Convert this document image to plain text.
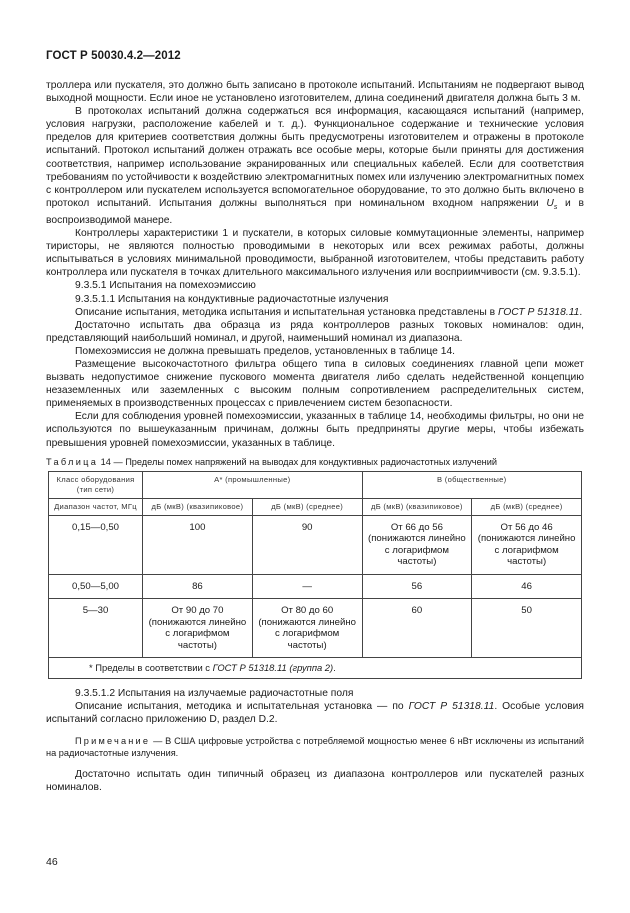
ГОСТ Р 50030.4.2—2012

троллера или пускателя, это должно быть записано в протоколе испытаний. Испытаниям не подвергают вывод выходной мощности. Если иное не установлено изготовителем, длина соединений двигателя должна быть 3 м.

В протоколах испытаний должна содержаться вся информация, касающаяся испытаний (например, условия нагрузки, расположение кабелей и т. д.). Функциональное содержание и технические условия пределов для критериев соответствия должны быть предусмотрены изготовителем и отражены в протоколе испытаний. Протокол испытаний должен отражать все особые меры, которые были приняты для достижения соответствия, например использование экранированных или специальных кабелей. Если для соответствия требованиям по устойчивости к воздействию электромагнитных помех или излучению электромагнитных помех с контроллером или пускателем используется вспомогательное оборудование, то это должно быть включено в протокол испытаний. Испытания должны выполняться при номинальном входном напряжении $U_s$ и в воспроизводимой манере.

Контроллеры характеристики 1 и пускатели, в которых силовые коммутационные элементы, например тиристоры, не являются полностью проводимыми в некоторых или всех режимах работы, должны испытываться в условиях минимальной проводимости, выбранной изготовителем, чтобы представить работу контроллера или пускателя в точках длительного максимального излучения или восприимчивости (см. 9.3.5.1).

9.3.5.1 Испытания на помехоэмиссию

9.3.5.1.1 Испытания на кондуктивные радиочастотные излучения

Описание испытания, методика испытания и испытательная установка представлены в ГОСТ Р 51318.11.

Достаточно испытать два образца из ряда контроллеров разных токовых номиналов: один, представляющий наибольший номинал, и другой, наименьший номинал из диапазона.

Помехоэмиссия не должна превышать пределов, установленных в таблице 14.

Размещение высокочастотного фильтра общего типа в силовых соединениях главной цепи может вызвать недопустимое снижение пускового момента двигателя либо сделать недейственной концепцию незаземленных или заземленных с высоким полным сопротивлением распределительных систем, применяемых в производственных процессах с привлечением систем безопасности.

Если для соблюдения уровней помехоэмиссии, указанных в таблице 14, необходимы фильтры, но они не используются по вышеуказанным причинам, должны быть предприняты другие меры, чтобы избежать превышения уровней помехоэмиссии, указанных в таблице.

Таблица 14 — Пределы помех напряжений на выводах для кондуктивных радиочастотных излучений
Класс оборудования (тип сети)	A* (промышленные)		B (общественные)	
Диапазон частот, МГц	дБ (мкВ) (квазипиковое)	дБ (мкВ) (среднее)	дБ (мкВ) (квазипиковое)	дБ (мкВ) (среднее)
0,15—0,50	100	90	От 66 до 56 (понижаются линейно с логарифмом частоты)	От 56 до 46 (понижаются линейно с логарифмом частоты)
0,50—5,00	86	—	56	46
5—30	От 90 до 70 (понижаются линейно с логарифмом частоты)	От 80 до 60 (понижаются линейно с логарифмом частоты)	60	50
* Пределы в соответствии с ГОСТ Р 51318.11 (группа 2).				

9.3.5.1.2 Испытания на излучаемые радиочастотные поля

Описание испытания, методика и испытательная установка — по ГОСТ Р 51318.11. Особые условия испытаний согласно приложению D, раздел D.2.

Примечание — В США цифровые устройства с потребляемой мощностью менее 6 нВт исключены из испытаний на радиочастотные излучения.

Достаточно испытать один типичный образец из диапазона контроллеров или пускателей разных номиналов.

46
